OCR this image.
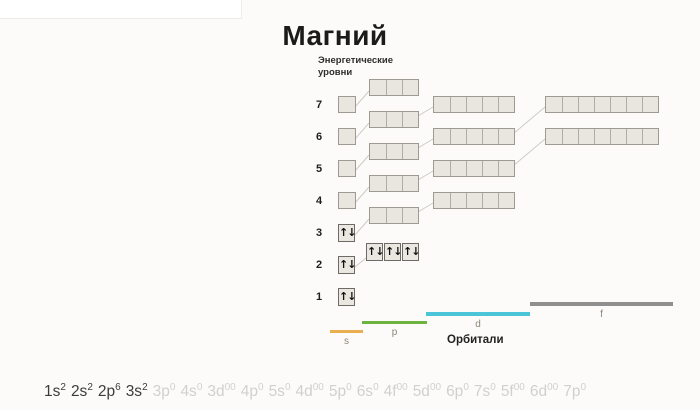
Магний
Энергетические
уровни
7
6
5
4
3	↑↓
2	↑↓
↑↓ ↑↓ ↑↓
1	↑↓
Орбитали
s
p
d
f
$1s^2$ $2s^2$ $2p^6$ $3s^2$ $3p^0$ $4s^0$ $3d^{00}$ $4p^0$ $5s^0$ $4d^{00}$ $5p^0$ $6s^0$ $4f^{00}$ $5d^{00}$ $6p^0$ $7s^0$ $5f^{00}$ $6d^{00}$ $7p^0$
